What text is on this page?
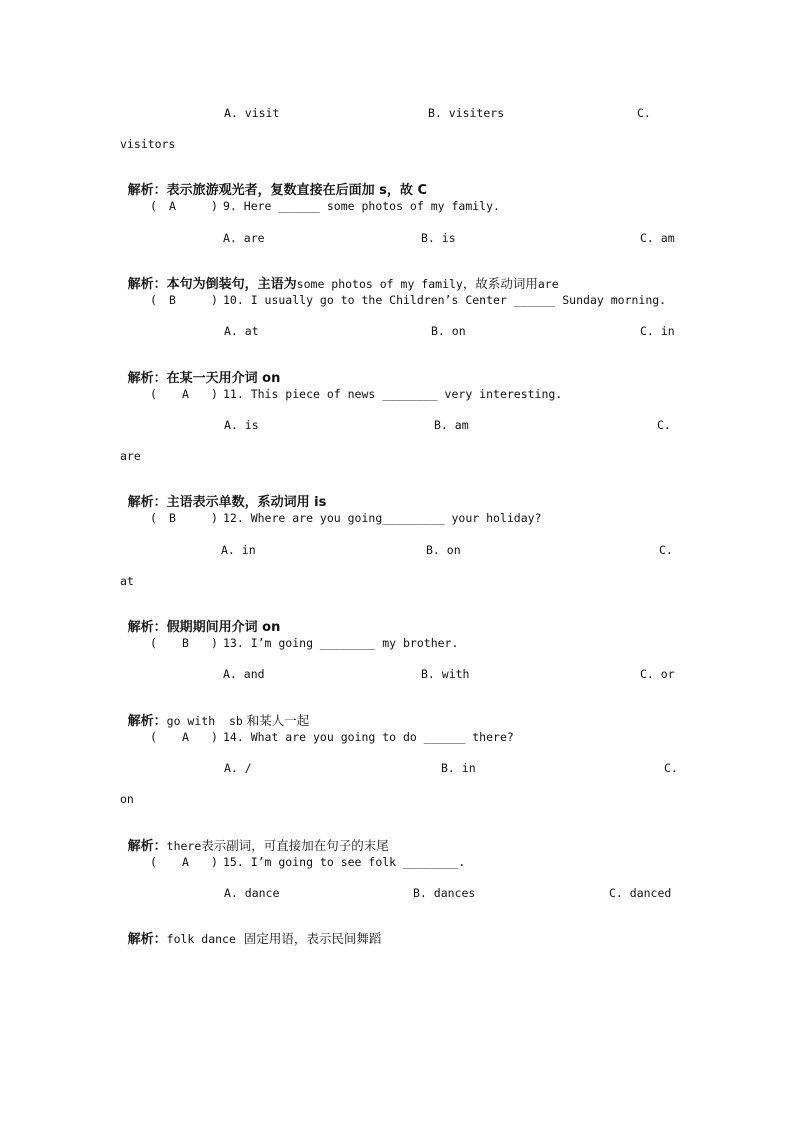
A. visit	B. visiters	C.
visitors

解析：表示旅游观光者，复数直接在后面加 s，故 C

( A	) 9. Here ______ some photos of my family.
A. are	B. is	C. am

解析：本句为倒装句，主语为some photos of my family，故系动词用are

( B	) 10. I usually go to the Children’s Center ______ Sunday morning.
A. at	B. on	C. in

解析：在某一天用介词 on

( A ) 11. This piece of news ________ very interesting.
A. is	B. am	C.
are

解析：主语表示单数，系动词用 is

( B	) 12. Where are you going_________ your holiday?
A. in	B. on	C.
at

解析：假期期间用介词 on

( B ) 13. I’m going ________ my brother.
A. and	B. with	C. or

解析：go with  sb 和某人一起

( A ) 14. What are you going to do ______ there?
A. /	B. in	C.
on

解析：there表示副词，可直接加在句子的末尾

( A ) 15. I’m going to see folk ________.
A. dance	B. dances	C. danced

解析：folk dance  固定用语，表示民间舞蹈
